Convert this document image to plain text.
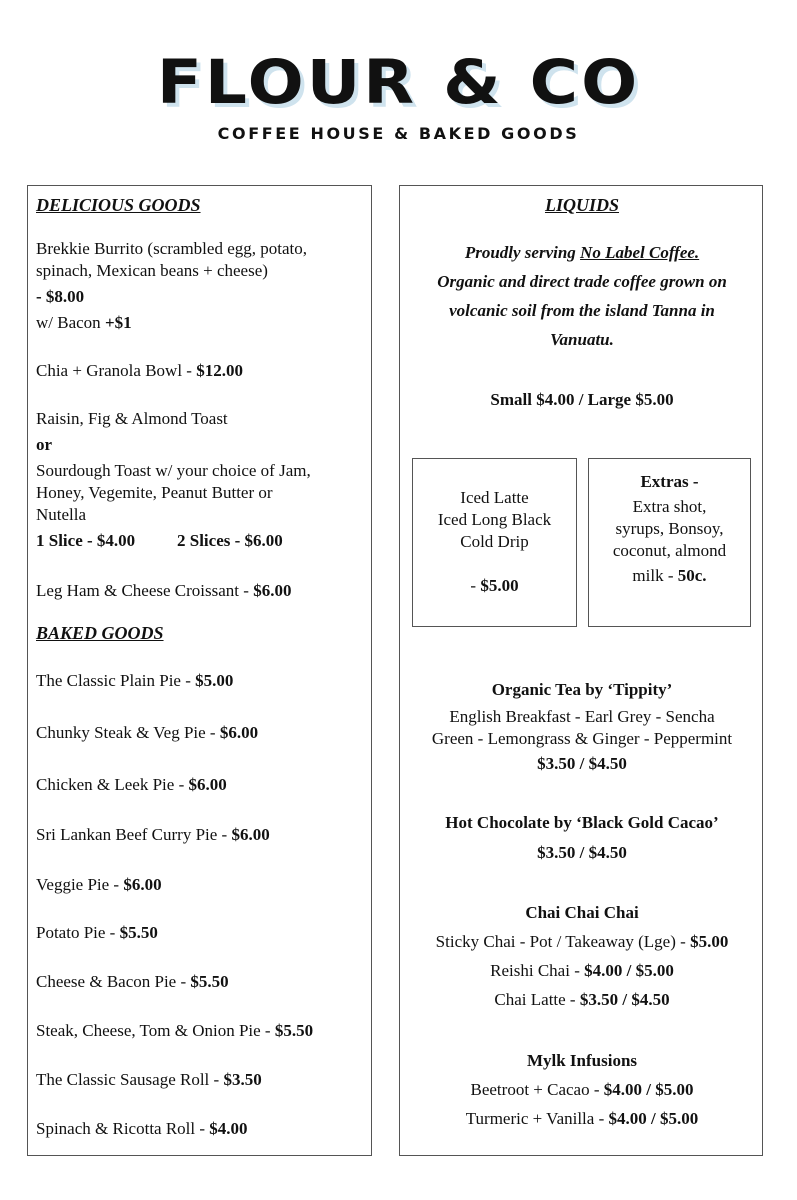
FLOUR & CO
COFFEE HOUSE & BAKED GOODS
DELICIOUS GOODS
Brekkie Burrito (scrambled egg, potato,
spinach, Mexican beans + cheese)
- $8.00
w/ Bacon +$1
Chia + Granola Bowl - $12.00
Raisin, Fig & Almond Toast
or
Sourdough Toast w/ your choice of Jam,
Honey, Vegemite, Peanut Butter or
Nutella
1 Slice - $4.00 2 Slices - $6.00
Leg Ham & Cheese Croissant - $6.00
BAKED GOODS
The Classic Plain Pie - $5.00
Chunky Steak & Veg Pie - $6.00
Chicken & Leek Pie - $6.00
Sri Lankan Beef Curry Pie - $6.00
Veggie Pie - $6.00
Potato Pie - $5.50
Cheese & Bacon Pie - $5.50
Steak, Cheese, Tom & Onion Pie - $5.50
The Classic Sausage Roll - $3.50
Spinach & Ricotta Roll - $4.00
LIQUIDS
Proudly serving No Label Coffee.
Organic and direct trade coffee grown on
volcanic soil from the island Tanna in
Vanuatu.
Small $4.00 / Large $5.00
Iced Latte
Iced Long Black
Cold Drip
- $5.00
Extras -
Extra shot,
syrups, Bonsoy,
coconut, almond
milk - 50c.
Organic Tea by ‘Tippity’
English Breakfast - Earl Grey - Sencha
Green - Lemongrass & Ginger - Peppermint
$3.50 / $4.50
Hot Chocolate by ‘Black Gold Cacao’
$3.50 / $4.50
Chai Chai Chai
Sticky Chai - Pot / Takeaway (Lge) - $5.00
Reishi Chai - $4.00 / $5.00
Chai Latte - $3.50 / $4.50
Mylk Infusions
Beetroot + Cacao - $4.00 / $5.00
Turmeric + Vanilla - $4.00 / $5.00
